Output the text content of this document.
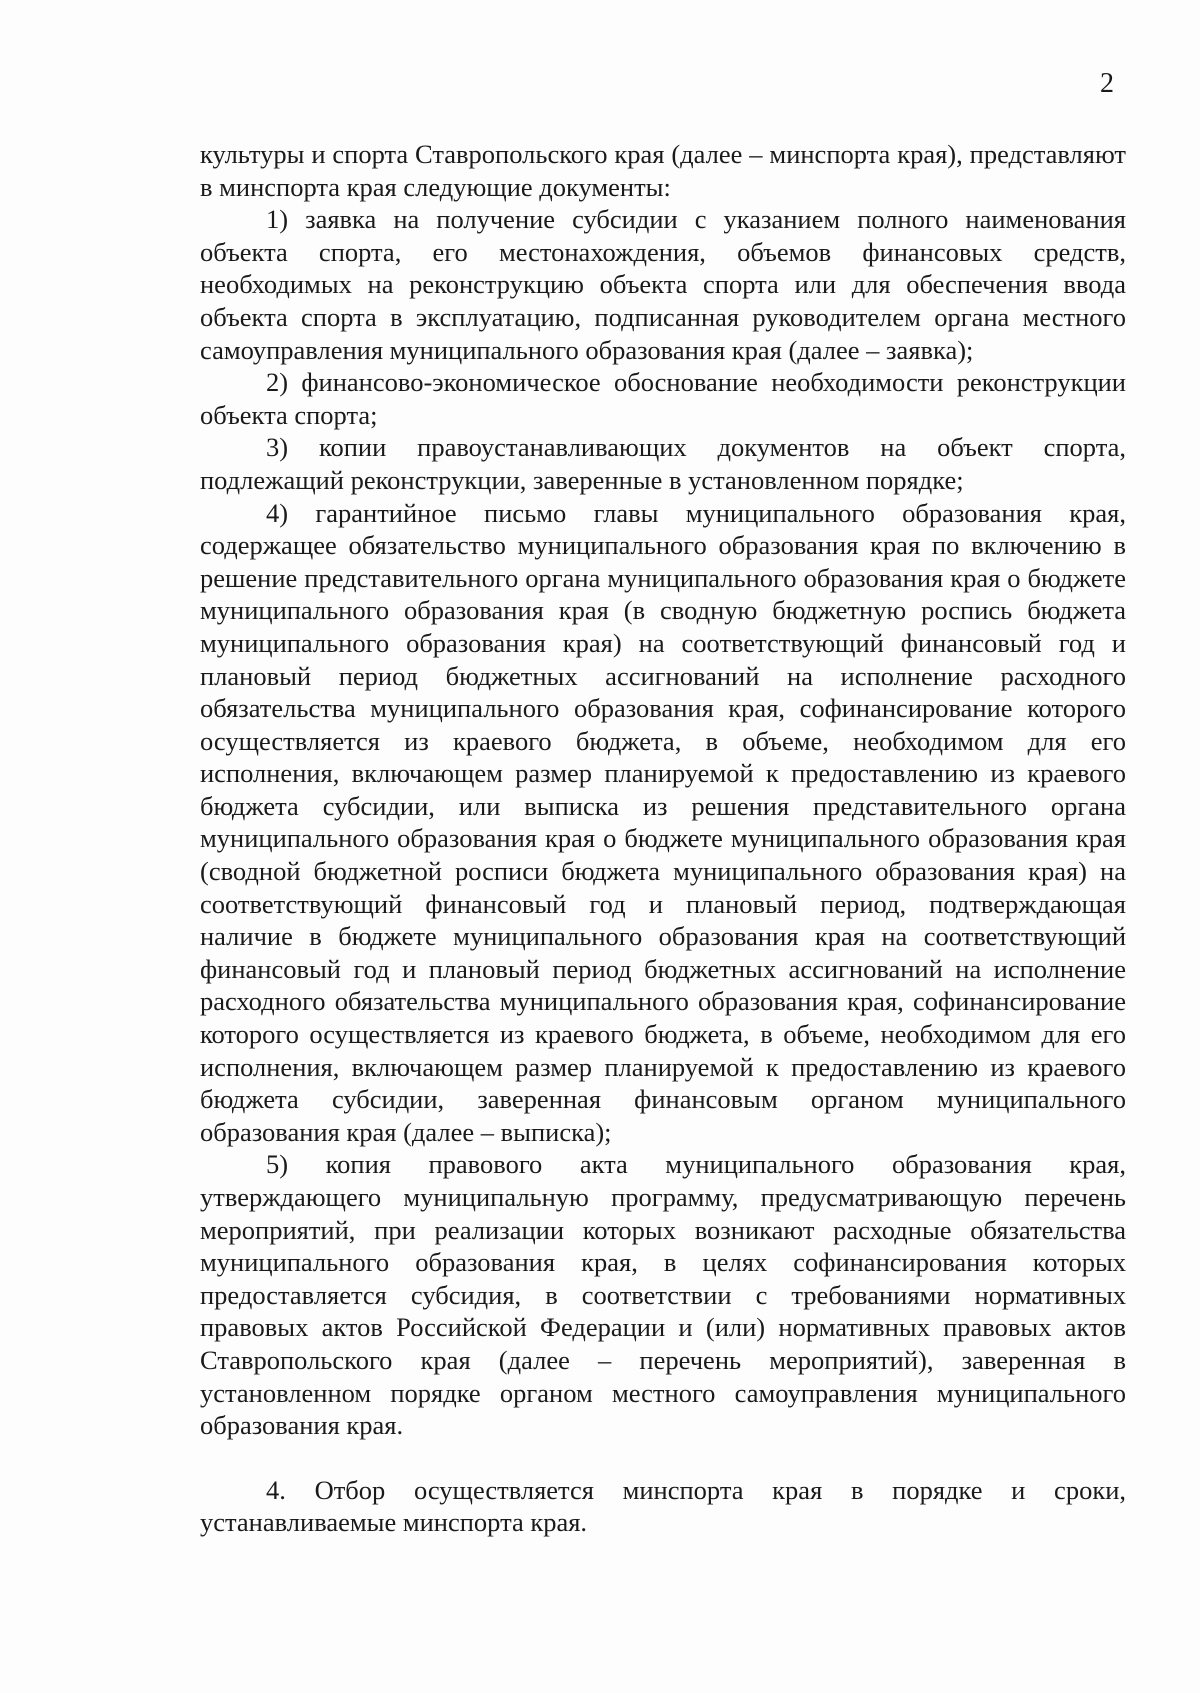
2

культуры и спорта Ставропольского края (далее – минспорта края), представляют в минспорта края следующие документы:

1) заявка на получение субсидии с указанием полного наименования объекта спорта, его местонахождения, объемов финансовых средств, необходимых на реконструкцию объекта спорта или для обеспечения ввода объекта спорта в эксплуатацию, подписанная руководителем органа местного самоуправления муниципального образования края (далее – заявка);

2) финансово-экономическое обоснование необходимости реконструкции объекта спорта;

3) копии правоустанавливающих документов на объект спорта, подлежащий реконструкции, заверенные в установленном порядке;

4) гарантийное письмо главы муниципального образования края, содержащее обязательство муниципального образования края по включению в решение представительного органа муниципального образования края о бюджете муниципального образования края (в сводную бюджетную роспись бюджета муниципального образования края) на соответствующий финансовый год и плановый период бюджетных ассигнований на исполнение расходного обязательства муниципального образования края, софинансирование которого осуществляется из краевого бюджета, в объеме, необходимом для его исполнения, включающем размер планируемой к предоставлению из краевого бюджета субсидии, или выписка из решения представительного органа муниципального образования края о бюджете муниципального образования края (сводной бюджетной росписи бюджета муниципального образования края) на соответствующий финансовый год и плановый период, подтверждающая наличие в бюджете муниципального образования края на соответствующий финансовый год и плановый период бюджетных ассигнований на исполнение расходного обязательства муниципального образования края, софинансирование которого осуществляется из краевого бюджета, в объеме, необходимом для его исполнения, включающем размер планируемой к предоставлению из краевого бюджета субсидии, заверенная финансовым органом муниципального образования края (далее – выписка);

5) копия правового акта муниципального образования края, утверждающего муниципальную программу, предусматривающую перечень мероприятий, при реализации которых возникают расходные обязательства муниципального образования края, в целях софинансирования которых предоставляется субсидия, в соответствии с требованиями нормативных правовых актов Российской Федерации и (или) нормативных правовых актов Ставропольского края (далее – перечень мероприятий), заверенная в установленном порядке органом местного самоуправления муниципального образования края.

4. Отбор осуществляется минспорта края в порядке и сроки, устанавливаемые минспорта края.
